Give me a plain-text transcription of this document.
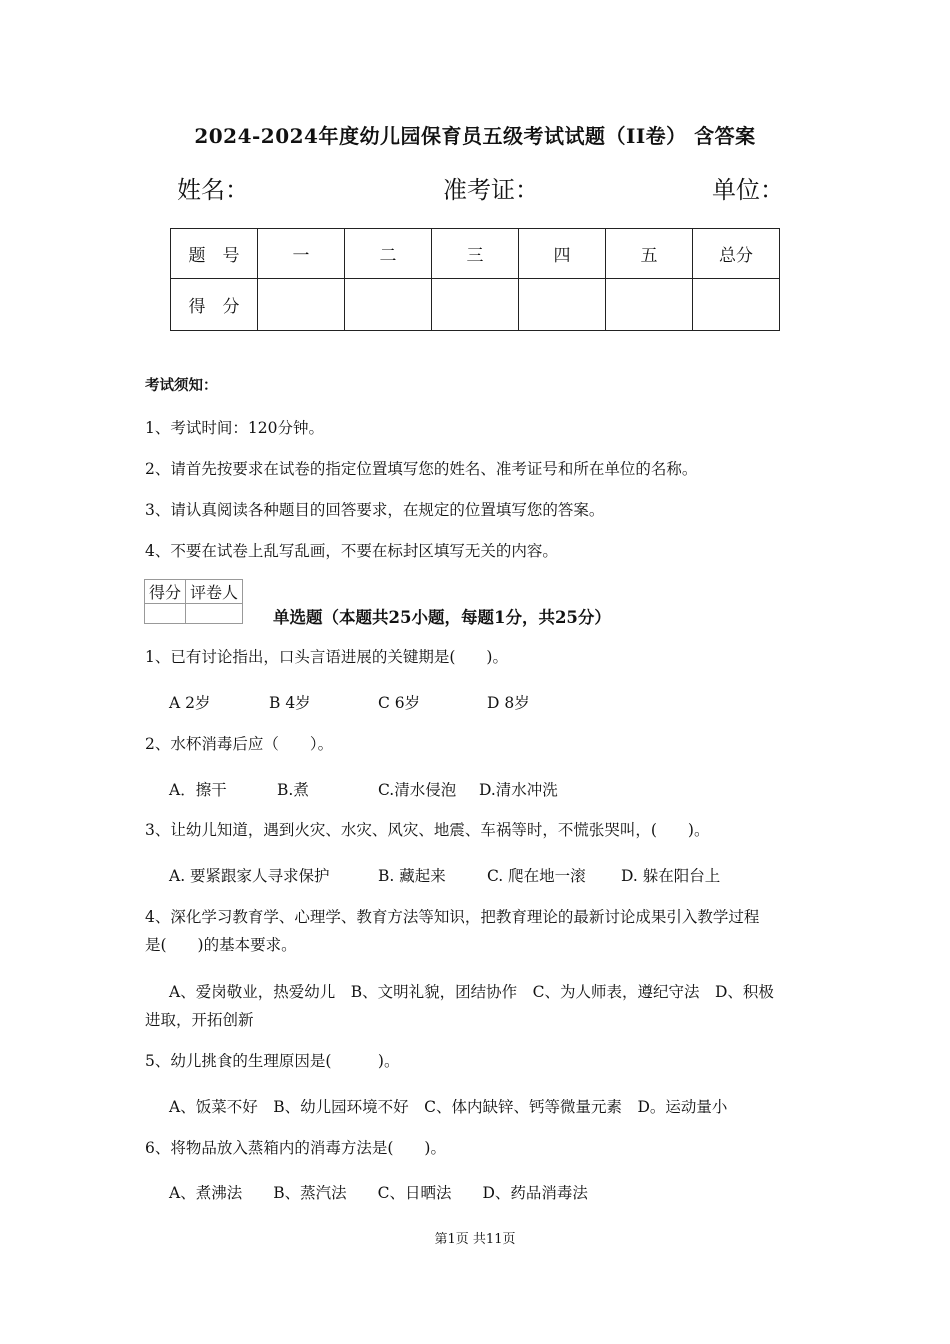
2024-2024年度幼儿园保育员五级考试试题（II卷） 含答案
姓名：	准考证：	单位：
题　号	一	二	三	四	五	总分
得　分						
考试须知：
1、考试时间：120分钟。
2、请首先按要求在试卷的指定位置填写您的姓名、准考证号和所在单位的名称。
3、请认真阅读各种题目的回答要求，在规定的位置填写您的答案。
4、不要在试卷上乱写乱画，不要在标封区填写无关的内容。
得分	评卷人

单选题（本题共25小题，每题1分，共25分）
1、已有讨论指出，口头言语进展的关键期是(　　)。
A 2岁	B 4岁	C 6岁	D 8岁
2、水杯消毒后应（　　）。
A．擦干	B.煮	C.清水侵泡 D.清水冲洗
3、让幼儿知道，遇到火灾、水灾、风灾、地震、车祸等时，不慌张哭叫，(　　)。
A. 要紧跟家人寻求保护	B. 藏起来	C. 爬在地一滚 D. 躲在阳台上
4、深化学习教育学、心理学、教育方法等知识，把教育理论的最新讨论成果引入教学过程
是(　　)的基本要求。
A、爱岗敬业，热爱幼儿　B、文明礼貌，团结协作　C、为人师表，遵纪守法　D、积极
进取，开拓创新
5、幼儿挑食的生理原因是(　　　)。
A、饭菜不好　B、幼儿园环境不好　C、体内缺锌、钙等微量元素　D。运动量小
6、将物品放入蒸箱内的消毒方法是(　　)。
A、煮沸法　　B、蒸汽法　　C、日晒法　　D、药品消毒法
第1页 共11页
